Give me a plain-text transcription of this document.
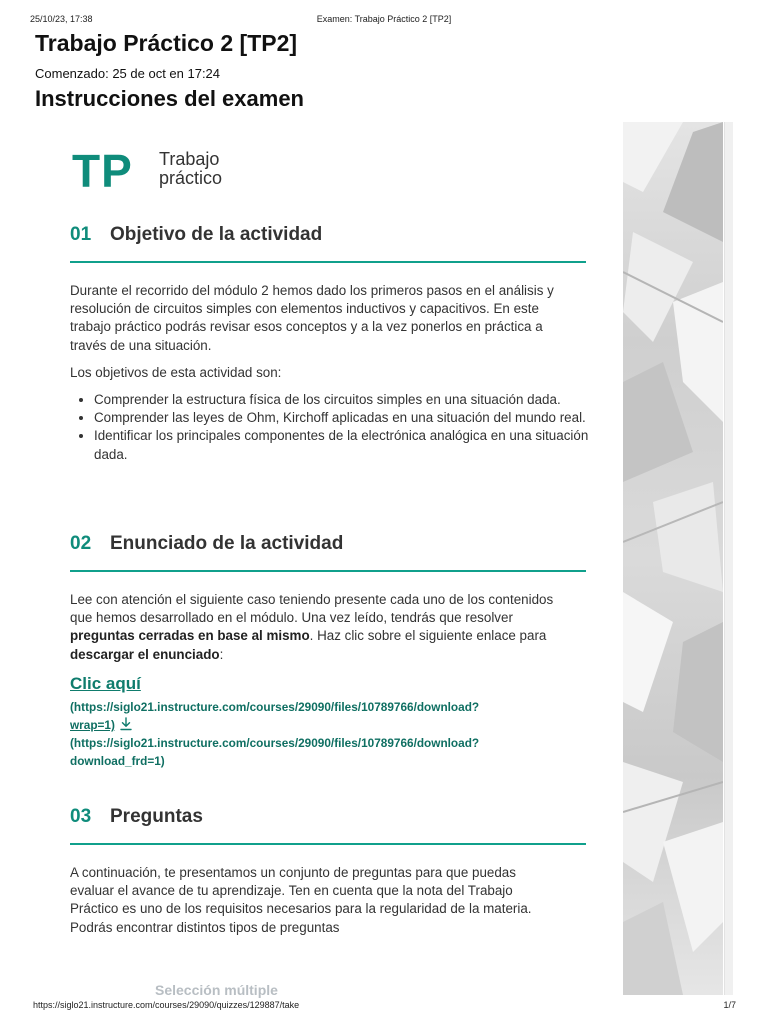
25/10/23, 17:38	Examen: Trabajo Práctico 2 [TP2]
Trabajo Práctico 2 [TP2]
Comenzado: 25 de oct en 17:24
Instrucciones del examen
TP Trabajo
práctico
01 Objetivo de la actividad

Durante el recorrido del módulo 2 hemos dado los primeros pasos en el análisis y resolución de circuitos simples con elementos inductivos y capacitivos. En este trabajo práctico podrás revisar esos conceptos y a la vez ponerlos en práctica a través de una situación.

Los objetivos de esta actividad son:

• Comprender la estructura física de los circuitos simples en una situación dada.
• Comprender las leyes de Ohm, Kirchoff aplicadas en una situación del mundo real.
• Identificar los principales componentes de la electrónica analógica en una situación dada.
02 Enunciado de la actividad

Lee con atención el siguiente caso teniendo presente cada uno de los contenidos que hemos desarrollado en el módulo. Una vez leído, tendrás que resolver preguntas cerradas en base al mismo. Haz clic sobre el siguiente enlace para descargar el enunciado:

Clic aquí

(https://siglo21.instructure.com/courses/29090/files/10789766/download?
wrap=1)

(https://siglo21.instructure.com/courses/29090/files/10789766/download?
download_frd=1)

03 Preguntas

A continuación, te presentamos un conjunto de preguntas para que puedas evaluar el avance de tu aprendizaje. Ten en cuenta que la nota del Trabajo Práctico es uno de los requisitos necesarios para la regularidad de la materia. Podrás encontrar distintos tipos de preguntas

Selección múltiple
https://siglo21.instructure.com/courses/29090/quizzes/129887/take	1/7
